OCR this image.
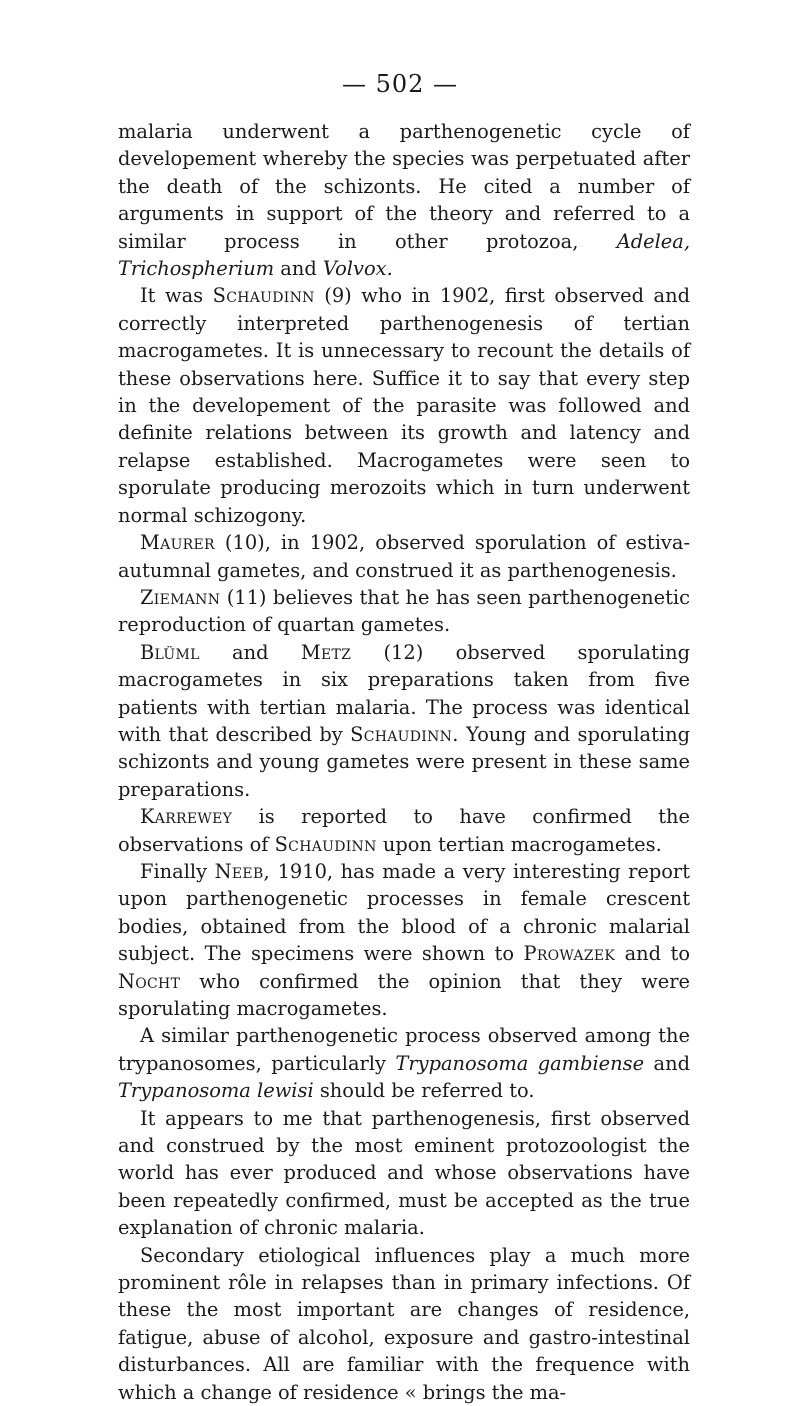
— 502 —

malaria underwent a parthenogenetic cycle of developement whereby the species was perpetuated after the death of the schizonts. He cited a number of arguments in support of the theory and referred to a similar process in other protozoa, Adelea, Trichospherium and Volvox.

It was Schaudinn (9) who in 1902, first observed and correctly interpreted parthenogenesis of tertian macrogametes. It is unnecessary to recount the details of these observations here. Suffice it to say that every step in the developement of the parasite was followed and definite relations between its growth and latency and relapse established. Macrogametes were seen to sporulate producing merozoits which in turn underwent normal schizogony.

Maurer (10), in 1902, observed sporulation of estiva-autumnal gametes, and construed it as parthenogenesis.

Ziemann (11) believes that he has seen parthenogenetic reproduction of quartan gametes.

Blüml and Metz (12) observed sporulating macrogametes in six preparations taken from five patients with tertian malaria. The process was identical with that described by Schaudinn. Young and sporulating schizonts and young gametes were present in these same preparations.

Karrewey is reported to have confirmed the observations of Schaudinn upon tertian macrogametes.

Finally Neeb, 1910, has made a very interesting report upon parthenogenetic processes in female crescent bodies, obtained from the blood of a chronic malarial subject. The specimens were shown to Prowazek and to Nocht who confirmed the opinion that they were sporulating macrogametes.

A similar parthenogenetic process observed among the trypanosomes, particularly Trypanosoma gambiense and Trypanosoma lewisi should be referred to.

It appears to me that parthenogenesis, first observed and construed by the most eminent protozoologist the world has ever produced and whose observations have been repeatedly confirmed, must be accepted as the true explanation of chronic malaria.

Secondary etiological influences play a much more prominent rôle in relapses than in primary infections. Of these the most important are changes of residence, fatigue, abuse of alcohol, exposure and gastro-intestinal disturbances. All are familiar with the frequence with which a change of residence « brings the ma-
